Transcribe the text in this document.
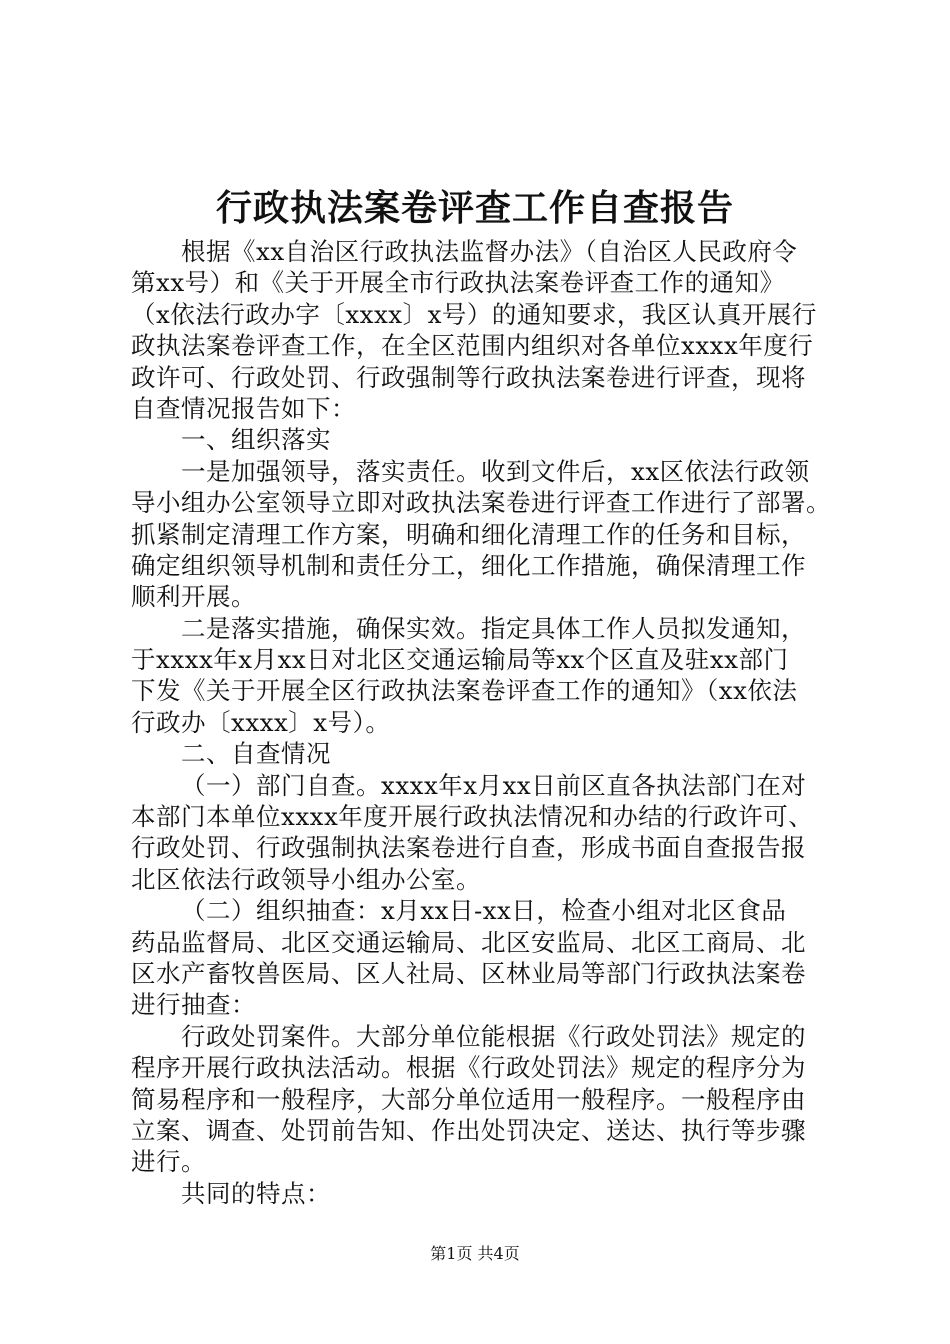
行政执法案卷评查工作自查报告
根据《xx自治区行政执法监督办法》（自治区人民政府令
第xx号）和《关于开展全市行政执法案卷评查工作的通知》
（x依法行政办字〔xxxx〕x号）的通知要求，我区认真开展行
政执法案卷评查工作，在全区范围内组织对各单位xxxx年度行
政许可、行政处罚、行政强制等行政执法案卷进行评查，现将
自查情况报告如下：
一、组织落实
一是加强领导，落实责任。收到文件后，xx区依法行政领
导小组办公室领导立即对政执法案卷进行评查工作进行了部署。
抓紧制定清理工作方案，明确和细化清理工作的任务和目标，
确定组织领导机制和责任分工，细化工作措施，确保清理工作
顺利开展。
二是落实措施，确保实效。指定具体工作人员拟发通知，
于xxxx年x月xx日对北区交通运输局等xx个区直及驻xx部门
下发《关于开展全区行政执法案卷评查工作的通知》（xx依法
行政办〔xxxx〕x号）。
二、自查情况
（一）部门自查。xxxx年x月xx日前区直各执法部门在对
本部门本单位xxxx年度开展行政执法情况和办结的行政许可、
行政处罚、行政强制执法案卷进行自查，形成书面自查报告报
北区依法行政领导小组办公室。
（二）组织抽查：x月xx日-xx日，检查小组对北区食品
药品监督局、北区交通运输局、北区安监局、北区工商局、北
区水产畜牧兽医局、区人社局、区林业局等部门行政执法案卷
进行抽查：
行政处罚案件。大部分单位能根据《行政处罚法》规定的
程序开展行政执法活动。根据《行政处罚法》规定的程序分为
简易程序和一般程序，大部分单位适用一般程序。一般程序由
立案、调查、处罚前告知、作出处罚决定、送达、执行等步骤
进行。
共同的特点：
第1页 共4页
